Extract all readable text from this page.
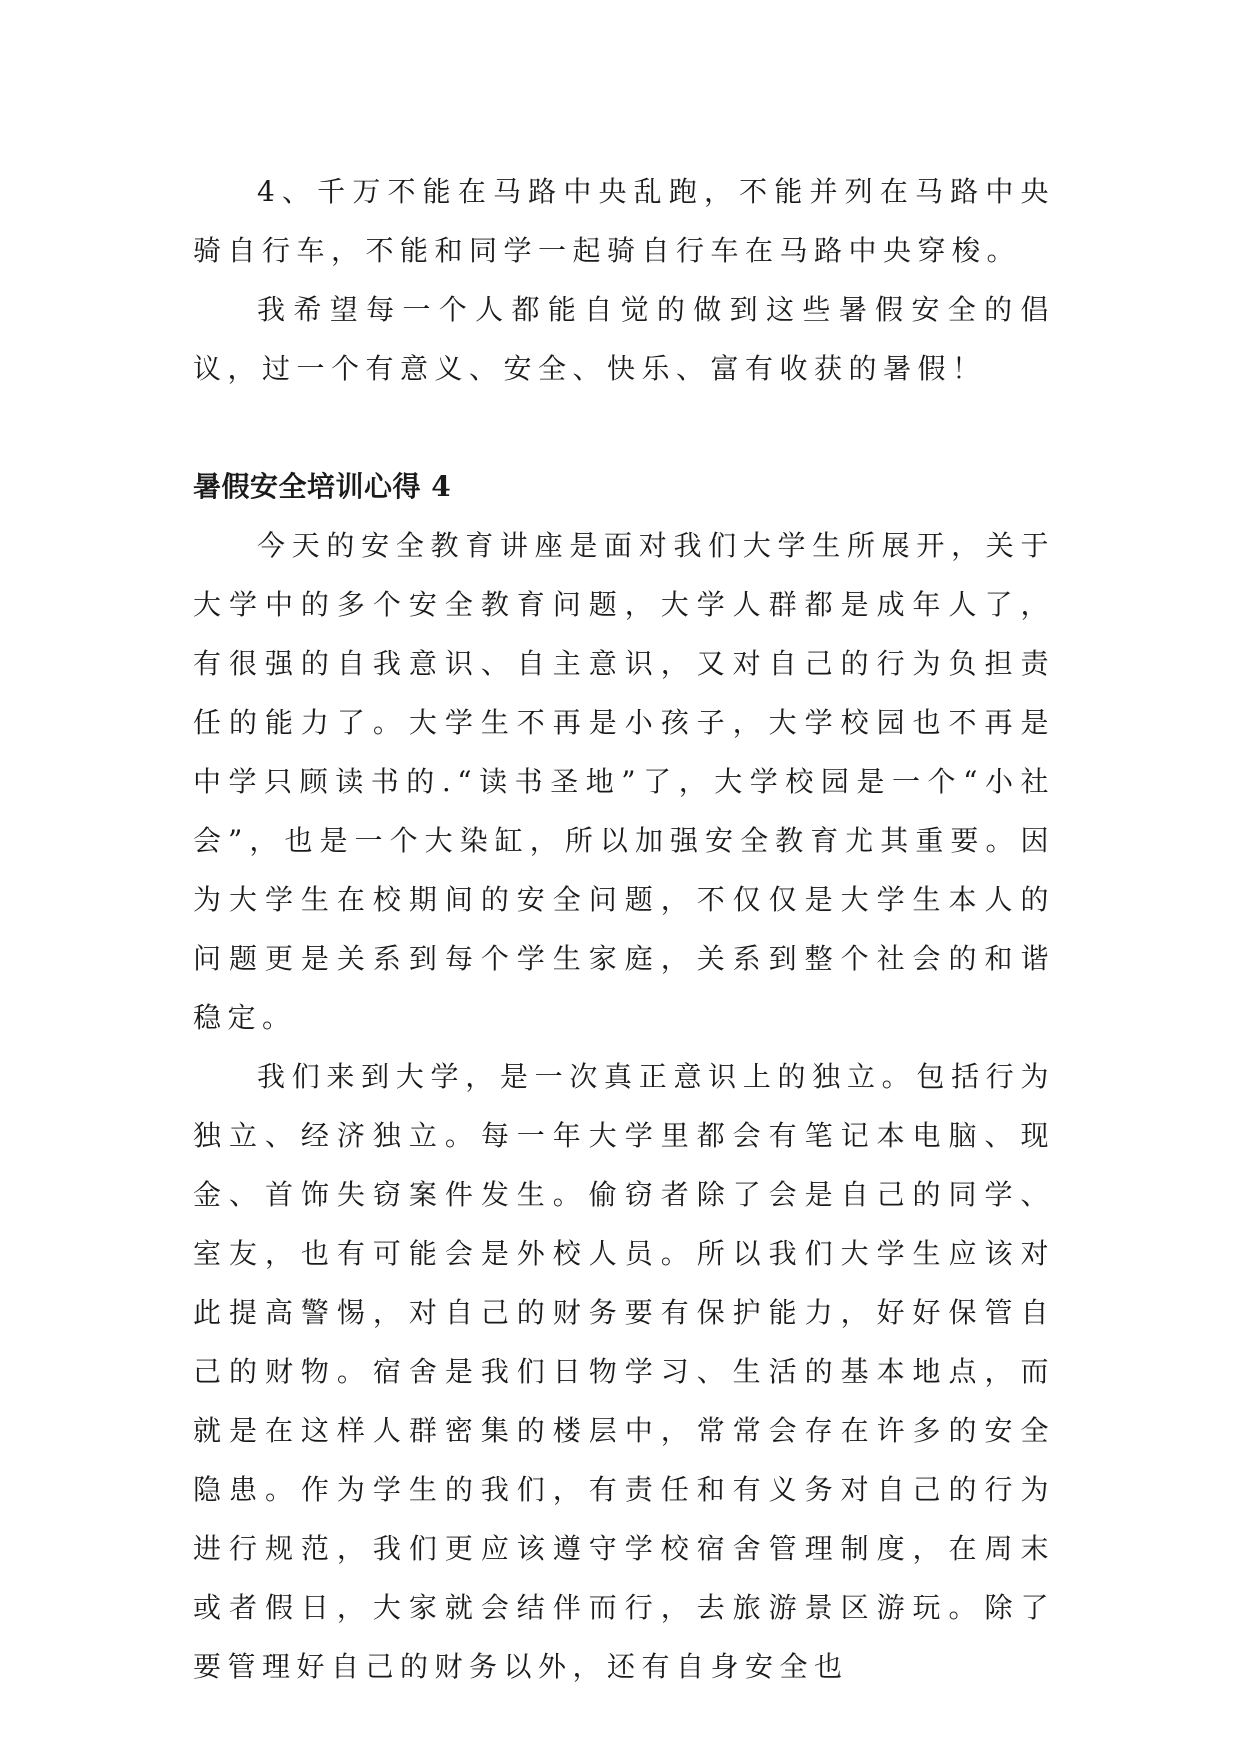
4、千万不能在马路中央乱跑，不能并列在马路中央骑自行车，不能和同学一起骑自行车在马路中央穿梭。

我希望每一个人都能自觉的做到这些暑假安全的倡议，过一个有意义、安全、快乐、富有收获的暑假！

暑假安全培训心得 4

今天的安全教育讲座是面对我们大学生所展开，关于大学中的多个安全教育问题，大学人群都是成年人了，有很强的自我意识、自主意识，又对自己的行为负担责任的能力了。大学生不再是小孩子，大学校园也不再是中学只顾读书的.“读书圣地”了，大学校园是一个“小社会”，也是一个大染缸，所以加强安全教育尤其重要。因为大学生在校期间的安全问题，不仅仅是大学生本人的问题更是关系到每个学生家庭，关系到整个社会的和谐稳定。

我们来到大学，是一次真正意识上的独立。包括行为独立、经济独立。每一年大学里都会有笔记本电脑、现金、首饰失窃案件发生。偷窃者除了会是自己的同学、室友，也有可能会是外校人员。所以我们大学生应该对此提高警惕，对自己的财务要有保护能力，好好保管自己的财物。宿舍是我们日物学习、生活的基本地点，而就是在这样人群密集的楼层中，常常会存在许多的安全隐患。作为学生的我们，有责任和有义务对自己的行为进行规范，我们更应该遵守学校宿舍管理制度，在周末或者假日，大家就会结伴而行，去旅游景区游玩。除了要管理好自己的财务以外，还有自身安全也
